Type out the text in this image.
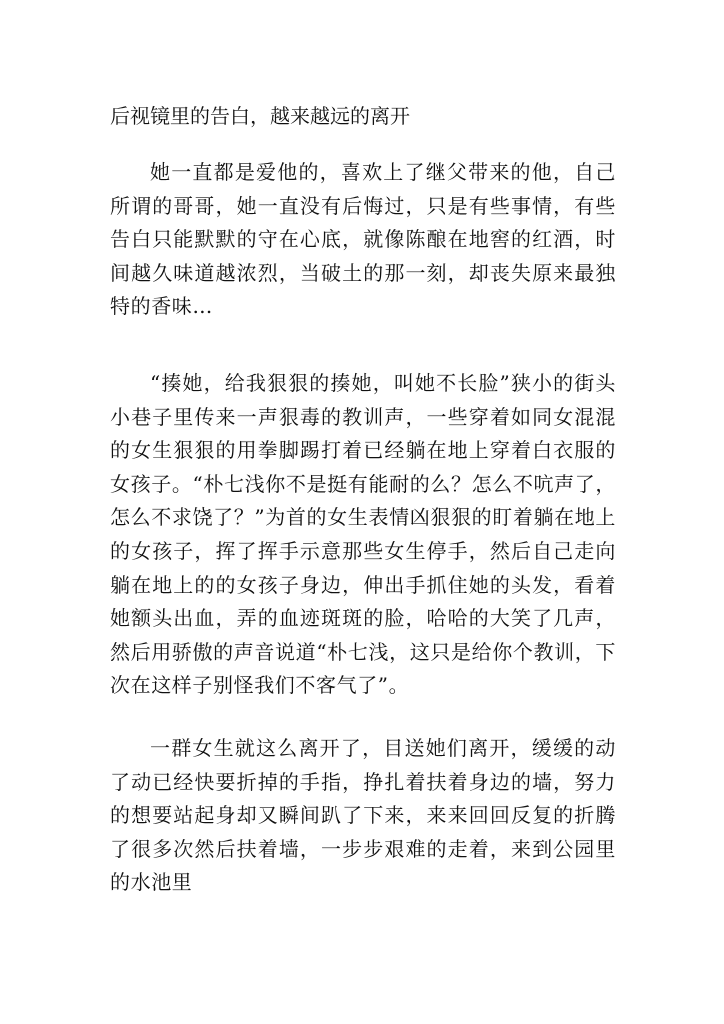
后视镜里的告白，越来越远的离开

她一直都是爱他的，喜欢上了继父带来的他，自己所谓的哥哥，她一直没有后悔过，只是有些事情，有些告白只能默默的守在心底，就像陈酿在地窖的红酒，时间越久味道越浓烈，当破土的那一刻，却丧失原来最独特的香味…

“揍她，给我狠狠的揍她，叫她不长脸”狭小的街头小巷子里传来一声狠毒的教训声，一些穿着如同女混混的女生狠狠的用拳脚踢打着已经躺在地上穿着白衣服的女孩子。“朴七浅你不是挺有能耐的么？怎么不吭声了，怎么不求饶了？”为首的女生表情凶狠狠的盯着躺在地上的女孩子，挥了挥手示意那些女生停手，然后自己走向躺在地上的的女孩子身边，伸出手抓住她的头发，看着她额头出血，弄的血迹斑斑的脸，哈哈的大笑了几声，然后用骄傲的声音说道“朴七浅，这只是给你个教训，下次在这样子别怪我们不客气了”。

一群女生就这么离开了，目送她们离开，缓缓的动了动已经快要折掉的手指，挣扎着扶着身边的墙，努力的想要站起身却又瞬间趴了下来，来来回回反复的折腾了很多次然后扶着墙，一步步艰难的走着，来到公园里的水池里
